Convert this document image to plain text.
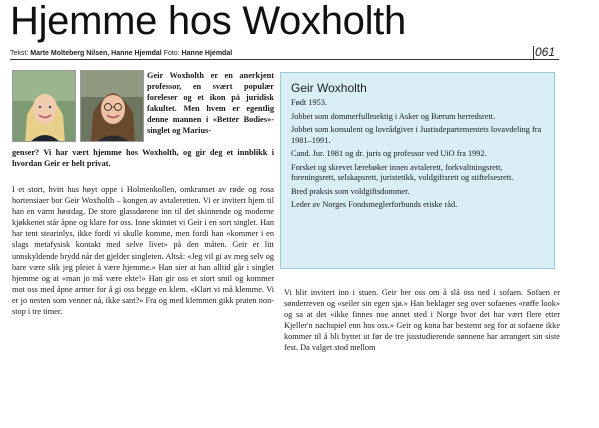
Hjemme hos Woxholth
Tekst: Marte Molteberg Nilsen, Hanne Hjemdal Foto: Hanne Hjemdal	061

Geir Woxholth er en anerkjent professor, en svært populær foreleser og et ikon på juridisk fakultet. Men hvem er egentlig denne mannen i «Better Bodies»-singlet og Marius-

genser? Vi har vært hjemme hos Woxholth, og gir deg et innblikk i hvordan Geir er helt privat.

I et stort, hvitt hus høyt oppe i Holmenkollen, omkranset av røde og rosa hortensiaer bor Geir Woxholth – kongen av avtaleretten. Vi er invitert hjem til han en varm høstdag. De store glassdørene inn til det skinnende og moderne kjøkkenet står åpne og klare for oss. Inne skimtet vi Geir i en sort singlet. Han har tent stearinlys, ikke fordi vi skulle komme, men fordi han «kommer i en slags metafysisk kontakt med selve livet» på den måten. Geir er litt unnskyldende brydd når det gjelder singleten. Altså: «Jeg vil gi av meg selv og bare være slik jeg pleier å være hjemme.» Han sier at han alltid går i singlet hjemme og at «man jo må være ekte!» Han gir oss et stort smil og kommer mot oss med åpne armer for å gi oss begge en klem. «Klart vi må klemme. Vi er jo nesten som venner nå, ikke sant?» Fra og med klemmen gikk praten non-stop i tre timer.

Vi blir invitert inn i stuen. Geir ber oss om å slå oss ned i sofaen. Sofaen er sønderreven og «seiler sin egen sjø.» Han beklager seg over sofaenes «røffe look» og sa at det «ikke finnes noe annet sted i Norge hvor det har vært flere etter Kjeller'n nachspiel enn hos oss.» Geir og kona har bestemt seg for at sofaene ikke kommer til å bli byttet ut før de tre jusstudierende sønnene har arrangert sin siste fest. Da valget stod mellom

Geir Woxholth
Født 1953.
Jobbet som dommerfullmektig i Asker og Bærum herredsrett.
Jobbet som konsulent og lovrådgiver i Justisdepartementets lovavdeling fra 1981–1991.
Cand. Jur. 1981 og dr. juris og professor ved UiO fra 1992.
Forsket og skrevet lærebøker innen avtalerett, forkvaltningsrett, foreningsrett, selskapsrett, juristetikk, voldgiftsrett og stiftelsesrett.
Bred praksis som voldgiftsdommer.
Leder av Norges Fondsmeglerforbunds etiske råd.
